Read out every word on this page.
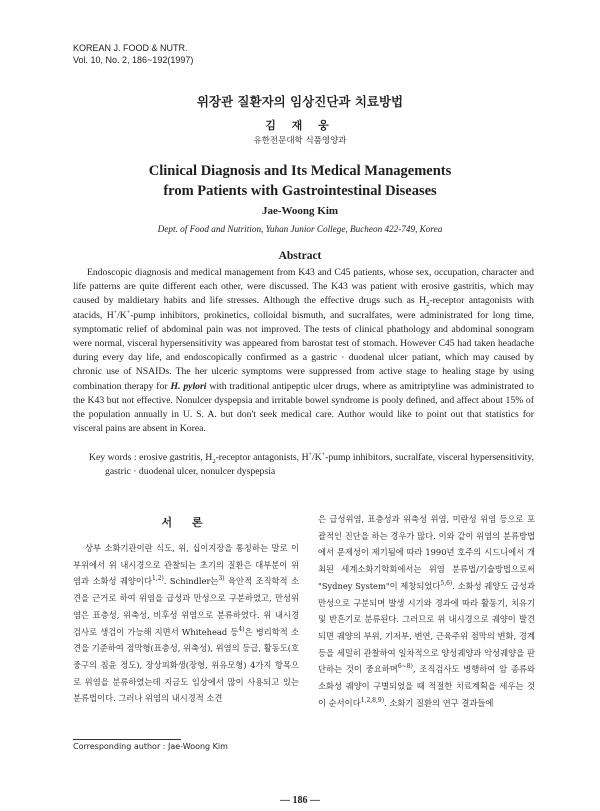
KOREAN J. FOOD & NUTR.
Vol. 10, No. 2, 186~192(1997)
위장관 질환자의 임상진단과 치료방법
김 재 웅
유한전문대학 식품영양과
Clinical Diagnosis and Its Medical Managements
from Patients with Gastrointestinal Diseases
Jae-Woong Kim
Dept. of Food and Nutrition, Yuhan Junior College, Bucheon 422-749, Korea
Abstract

Endoscopic diagnosis and medical management from K43 and C45 patients, whose sex, occupation, character and life patterns are quite different each other, were discussed. The K43 was patient with erosive gastritis, which may caused by maldietary habits and life stresses. Although the effective drugs such as $H_2$-receptor antagonists with atacids, H+/K+-pump inhibitors, prokinetics, colloidal bismuth, and sucralfates, were administrated for long time, symptomatic relief of abdominal pain was not improved. The tests of clinical phathology and abdominal sonogram were normal, visceral hypersensitivity was appeared from barostat test of stomach. However C45 had taken headache during every day life, and endoscopically confirmed as a gastric · duodenal ulcer patiant, which may caused by chronic use of NSAIDs. The her ulceric symptoms were suppressed from active stage to healing stage by using combination therapy for H. pylori with traditional antipeptic ulcer drugs, where as amitriptyline was administrated to the K43 but not effective. Nonulcer dyspepsia and irritable bowel syndrome is pooly defined, and affect about 15% of the population annually in U. S. A. but don't seek medical care. Author would like to point out that statistics for visceral pains are absent in Korea.

Key words : erosive gastritis, $H_2$-receptor antagonists, H+/K+-pump inhibitors, sucralfate, visceral hypersensitivity, gastric · duodenal ulcer, nonulcer dyspepsia

서 론

상부 소화기관이란 식도, 위, 십이지장을 통칭하는 말로 이 부위에서 위 내시경으로 관찰되는 초기의 질환은 대부분이 위염과 소화성 궤양이다$^{1,2)}$. Schindler는$^{3)}$ 육안적 조직학적 소견을 근거로 하여 위염을 급성과 만성으로 구분하였고, 만성위염은 표층성, 위축성, 비후성 위염으로 분류하였다. 위 내시경 검사로 생검이 가능해 지면서 Whitehead 등$^{4)}$은 병리학적 소견을 기준하여 점막형(표층성, 위축성), 위염의 등급, 활동도(호중구의 침윤 정도), 장상피화생(장형, 위유모형) 4가지 항목으로 위염을 분류하였는데 지금도 임상에서 많이 사용되고 있는 분류법이다. 그러나 위염의 내시경적 소견

은 급성위염, 표층성과 위축성 위염, 미란성 위염 등으로 포괄적인 진단을 하는 경우가 많다. 이와 같이 위염의 분류방법에서 문제성이 제기됨에 따라 1990년 호주의 시드니에서 개최된 세계소화기학회에서는 위염 분류법/기술방법으로써 "Sydney System"이 제창되었다$^{5,6)}$. 소화성 궤양도 급성과 만성으로 구분되며 발생 시기와 경과에 따라 활동기, 치유기 및 반흔기로 분류된다. 그러므로 위 내시경으로 궤양이 발견되면 궤양의 부위, 기저부, 변연, 근육주위 점막의 변화, 경계 등을 세밀히 관찰하여 일차적으로 양성궤양과 악성궤양을 판단하는 것이 중요하며$^{6\sim 8)}$, 조직검사도 병행하여 암 종류와 소화성 궤양이 구별되었을 때 적절한 치료계획을 세우는 것이 순서이다$^{1,2,8,9)}$. 소화기 질환의 연구 결과들에
Corresponding author : Jae-Woong Kim
— 186 —
